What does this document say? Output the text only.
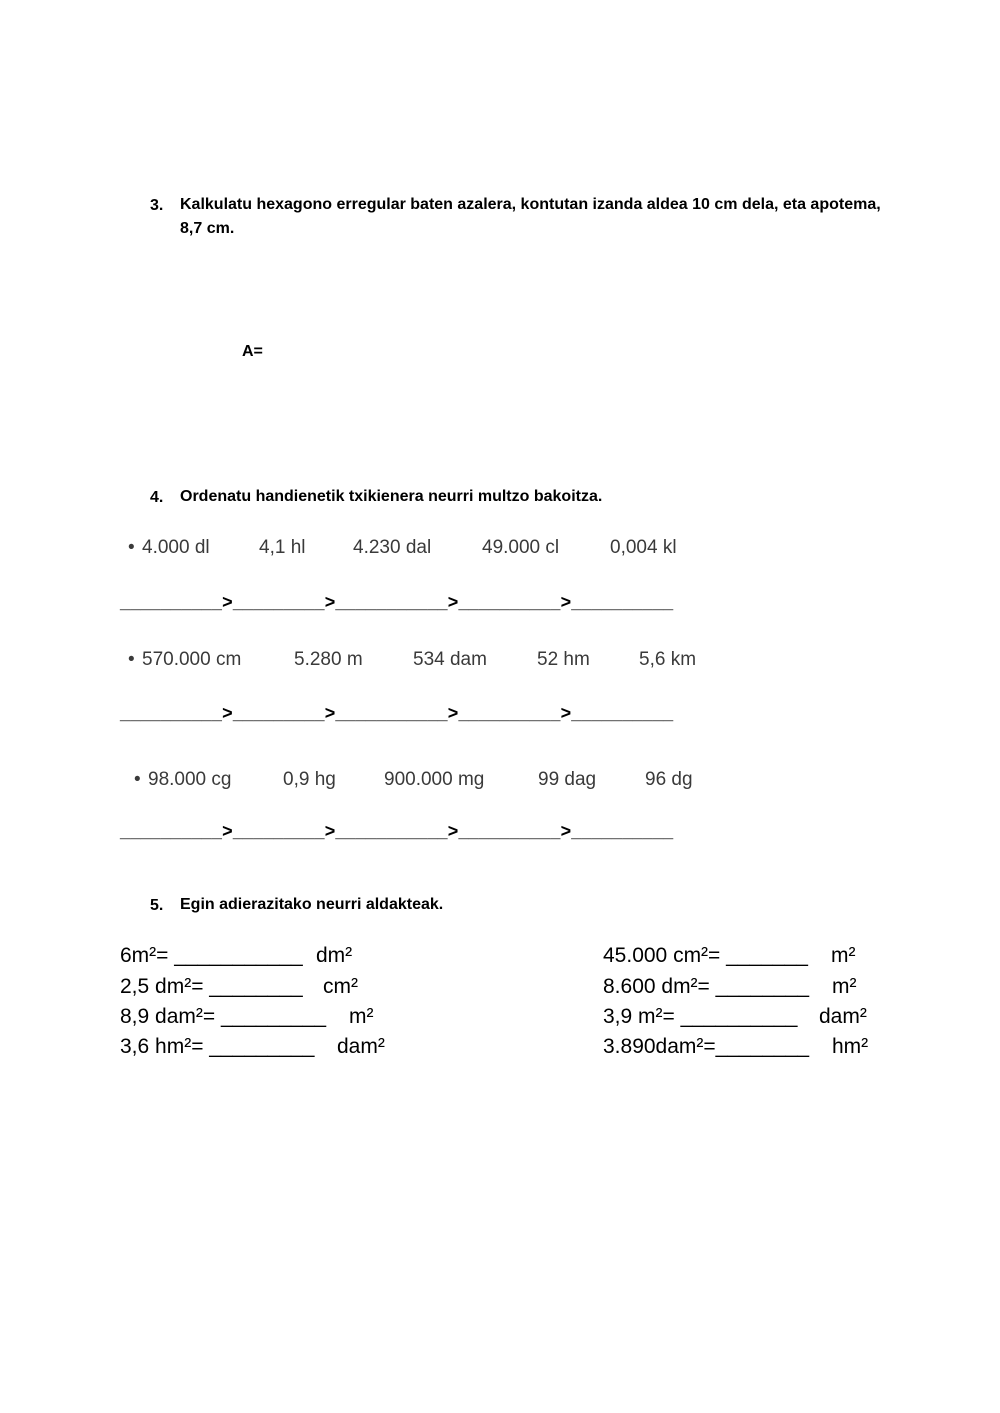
3. Kalkulatu hexagono erregular baten azalera, kontutan izanda aldea 10 cm dela, eta apotema, 8,7 cm.
A=
4. Ordenatu handienetik txikienera neurri multzo bakoitza.
• 4.000 dl	4,1 hl	4.230 dal	49.000 cl	0,004 kl
__________>_________>___________>__________>__________
• 570.000 cm	5.280 m	534 dam	52 hm	5,6 km
__________>_________>___________>__________>__________
• 98.000 cg	0,9 hg	900.000 mg	99 dag	96 dg
__________>_________>___________>__________>__________
5. Egin adierazitako neurri aldakteak.
6m²= ___________ dm²
2,5 dm²= ________ cm²
8,9 dam²= _________ m²
3,6 hm²= _________ dam²
45.000 cm²= _______ m²
8.600 dm²= ________ m²
3,9 m²= __________ dam²
3.890dam²=________ hm²
